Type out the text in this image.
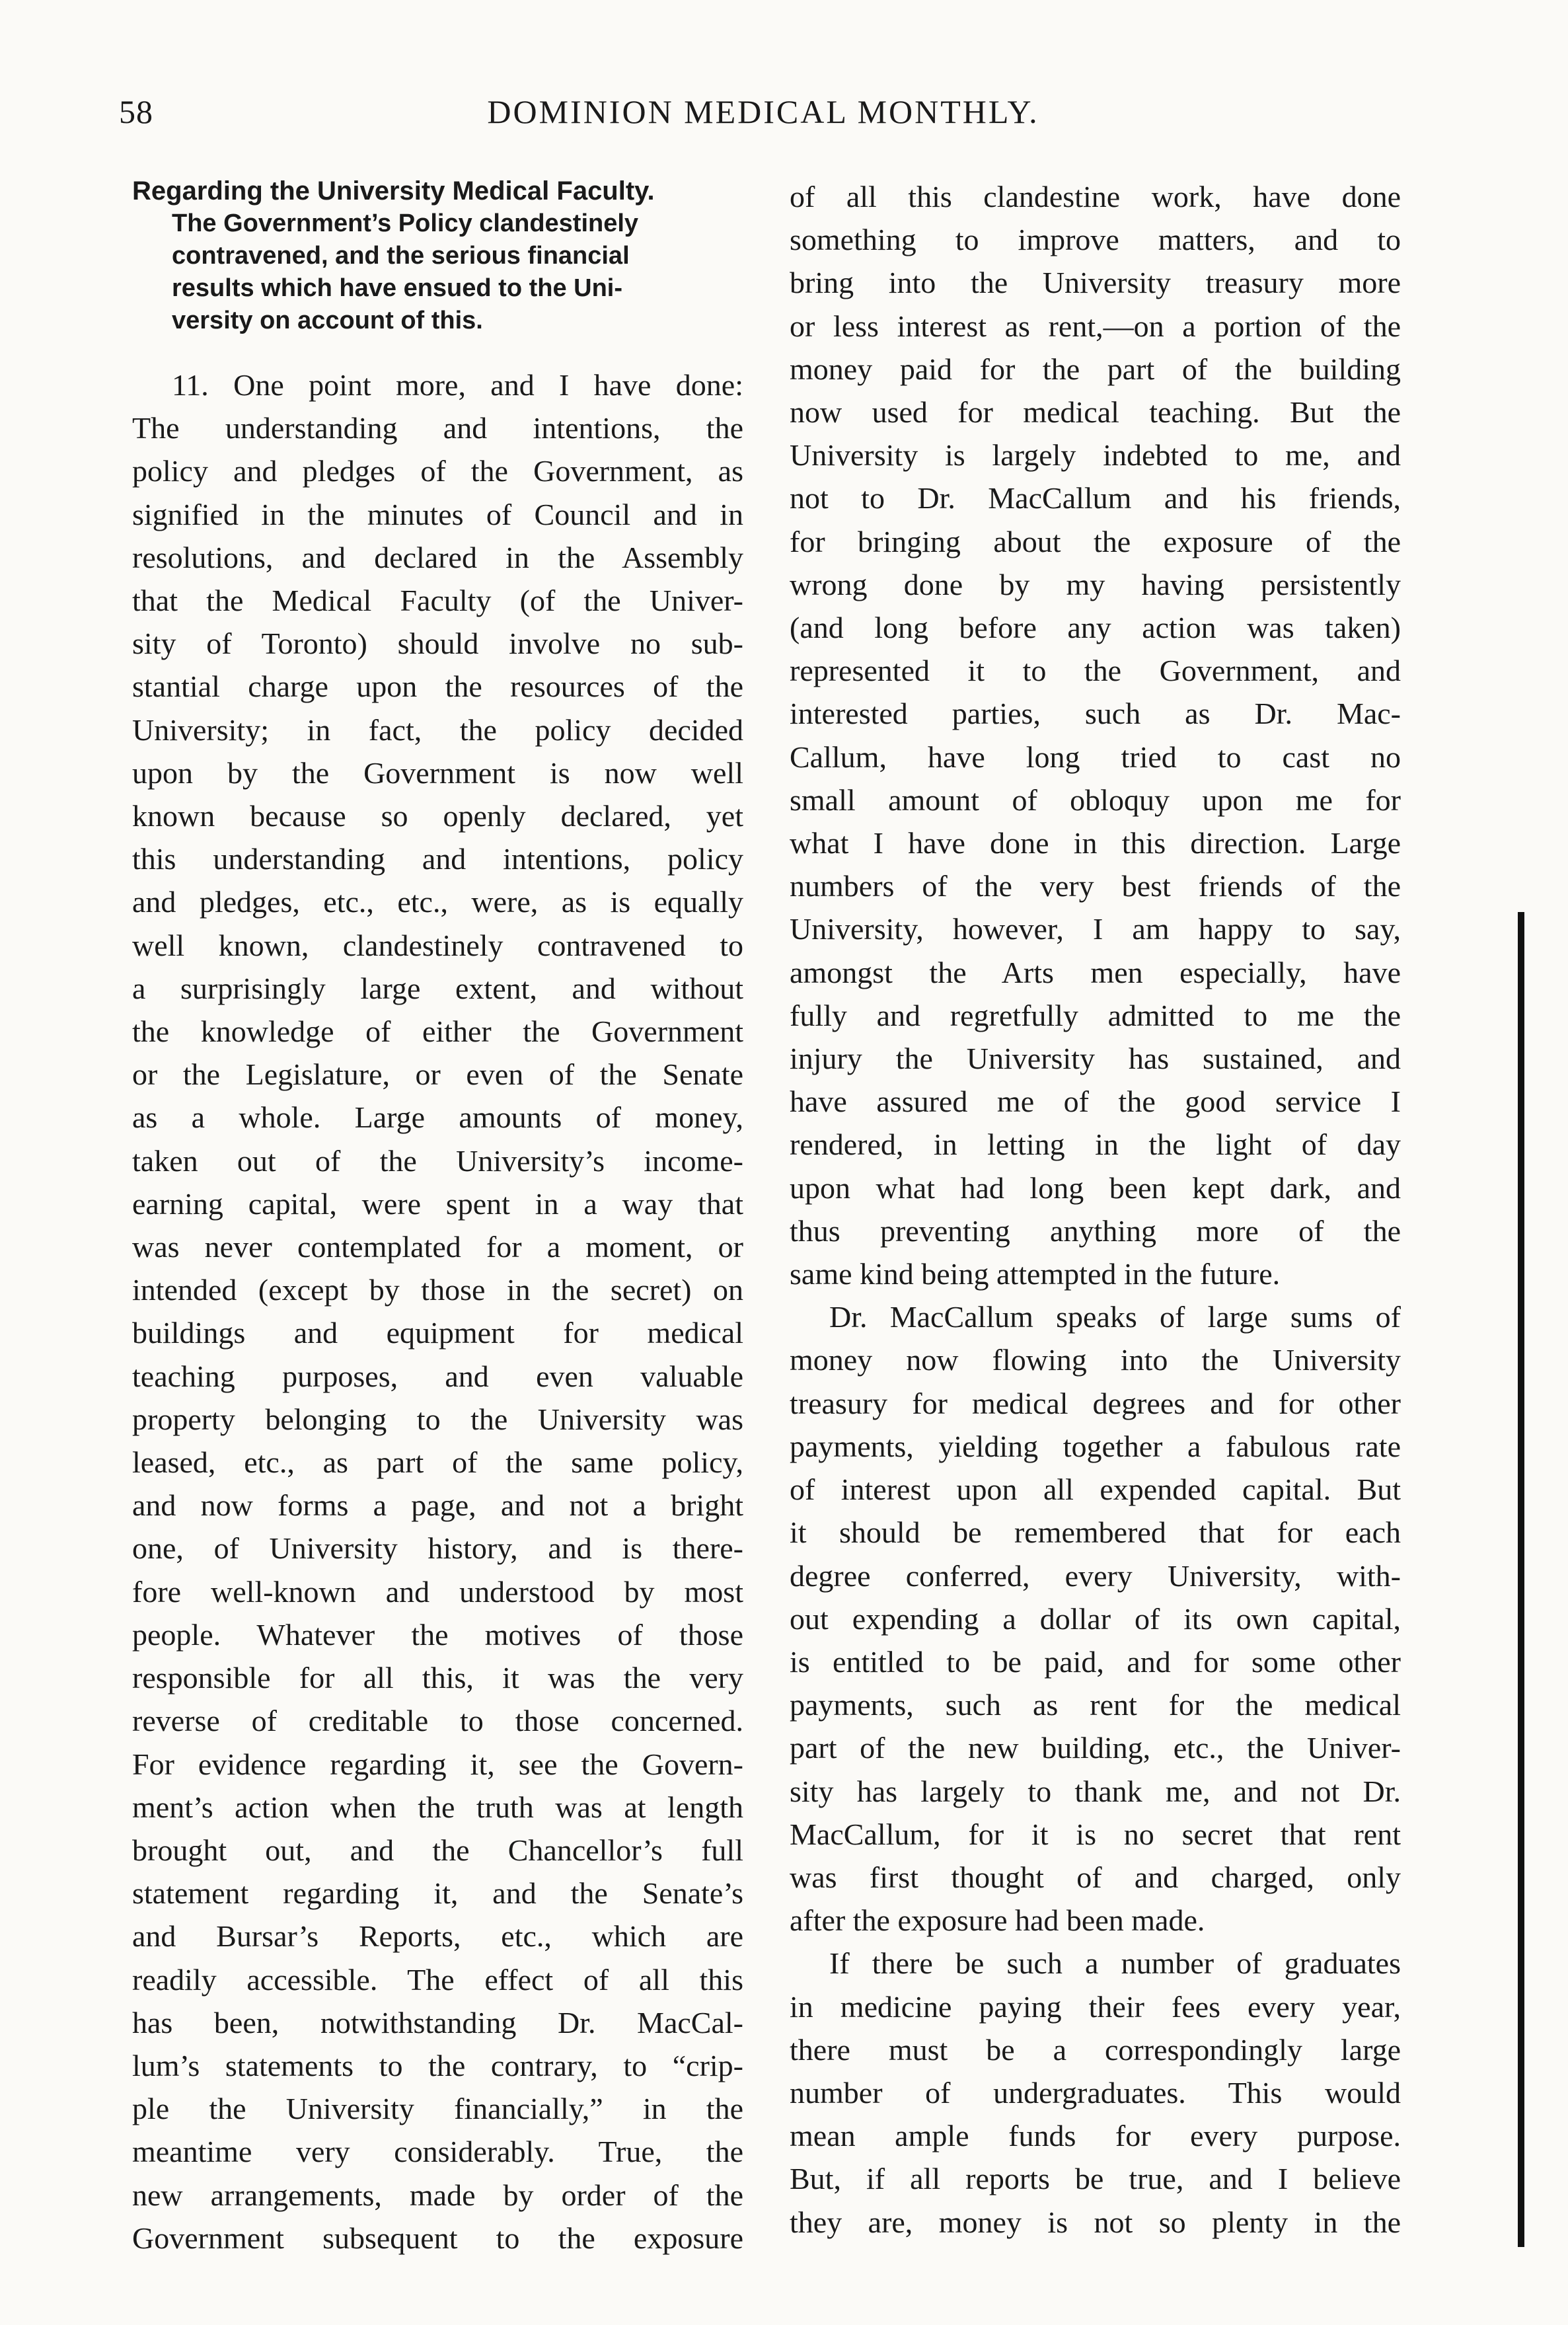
58	DOMINION MEDICAL MONTHLY.
Regarding the University Medical Faculty.
The Government’s Policy clandestinely
contravened, and the serious financial
results which have ensued to the Uni-
versity on account of this.
11. One point more, and I have done:
The understanding and intentions, the
policy and pledges of the Government, as
signified in the minutes of Council and in
resolutions, and declared in the Assembly
that the Medical Faculty (of the Univer-
sity of Toronto) should involve no sub-
stantial charge upon the resources of the
University; in fact, the policy decided
upon by the Government is now well
known because so openly declared, yet
this understanding and intentions, policy
and pledges, etc., etc., were, as is equally
well known, clandestinely contravened to
a surprisingly large extent, and without
the knowledge of either the Government
or the Legislature, or even of the Senate
as a whole. Large amounts of money,
taken out of the University’s income-
earning capital, were spent in a way that
was never contemplated for a moment, or
intended (except by those in the secret) on
buildings and equipment for medical
teaching purposes, and even valuable
property belonging to the University was
leased, etc., as part of the same policy,
and now forms a page, and not a bright
one, of University history, and is there-
fore well-known and understood by most
people. Whatever the motives of those
responsible for all this, it was the very
reverse of creditable to those concerned.
For evidence regarding it, see the Govern-
ment’s action when the truth was at length
brought out, and the Chancellor’s full
statement regarding it, and the Senate’s
and Bursar’s Reports, etc., which are
readily accessible. The effect of all this
has been, notwithstanding Dr. MacCal-
lum’s statements to the contrary, to “crip-
ple the University financially,” in the
meantime very considerably. True, the
new arrangements, made by order of the
Government subsequent to the exposure
of all this clandestine work, have done
something to improve matters, and to
bring into the University treasury more
or less interest as rent,—on a portion of the
money paid for the part of the building
now used for medical teaching. But the
University is largely indebted to me, and
not to Dr. MacCallum and his friends,
for bringing about the exposure of the
wrong done by my having persistently
(and long before any action was taken)
represented it to the Government, and
interested parties, such as Dr. Mac-
Callum, have long tried to cast no
small amount of obloquy upon me for
what I have done in this direction. Large
numbers of the very best friends of the
University, however, I am happy to say,
amongst the Arts men especially, have
fully and regretfully admitted to me the
injury the University has sustained, and
have assured me of the good service I
rendered, in letting in the light of day
upon what had long been kept dark, and
thus preventing anything more of the
same kind being attempted in the future.
Dr. MacCallum speaks of large sums of
money now flowing into the University
treasury for medical degrees and for other
payments, yielding together a fabulous rate
of interest upon all expended capital. But
it should be remembered that for each
degree conferred, every University, with-
out expending a dollar of its own capital,
is entitled to be paid, and for some other
payments, such as rent for the medical
part of the new building, etc., the Univer-
sity has largely to thank me, and not Dr.
MacCallum, for it is no secret that rent
was first thought of and charged, only
after the exposure had been made.
If there be such a number of graduates
in medicine paying their fees every year,
there must be a correspondingly large
number of undergraduates. This would
mean ample funds for every purpose.
But, if all reports be true, and I believe
they are, money is not so plenty in the
